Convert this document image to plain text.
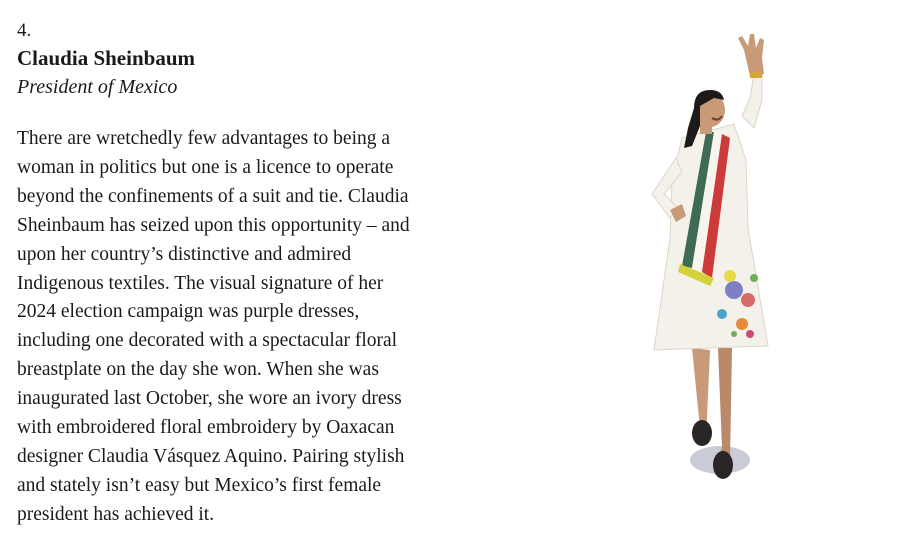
4.

Claudia Sheinbaum

President of Mexico

There are wretchedly few advantages to being a
woman in politics but one is a licence to operate
beyond the confinements of a suit and tie. Claudia
Sheinbaum has seized upon this opportunity – and
upon her country’s distinctive and admired
Indigenous textiles. The visual signature of her
2024 election campaign was purple dresses,
including one decorated with a spectacular floral
breastplate on the day she won. When she was
inaugurated last October, she wore an ivory dress
with embroidered floral embroidery by Oaxacan
designer Claudia Vásquez Aquino. Pairing stylish
and stately isn’t easy but Mexico’s first female
president has achieved it.
